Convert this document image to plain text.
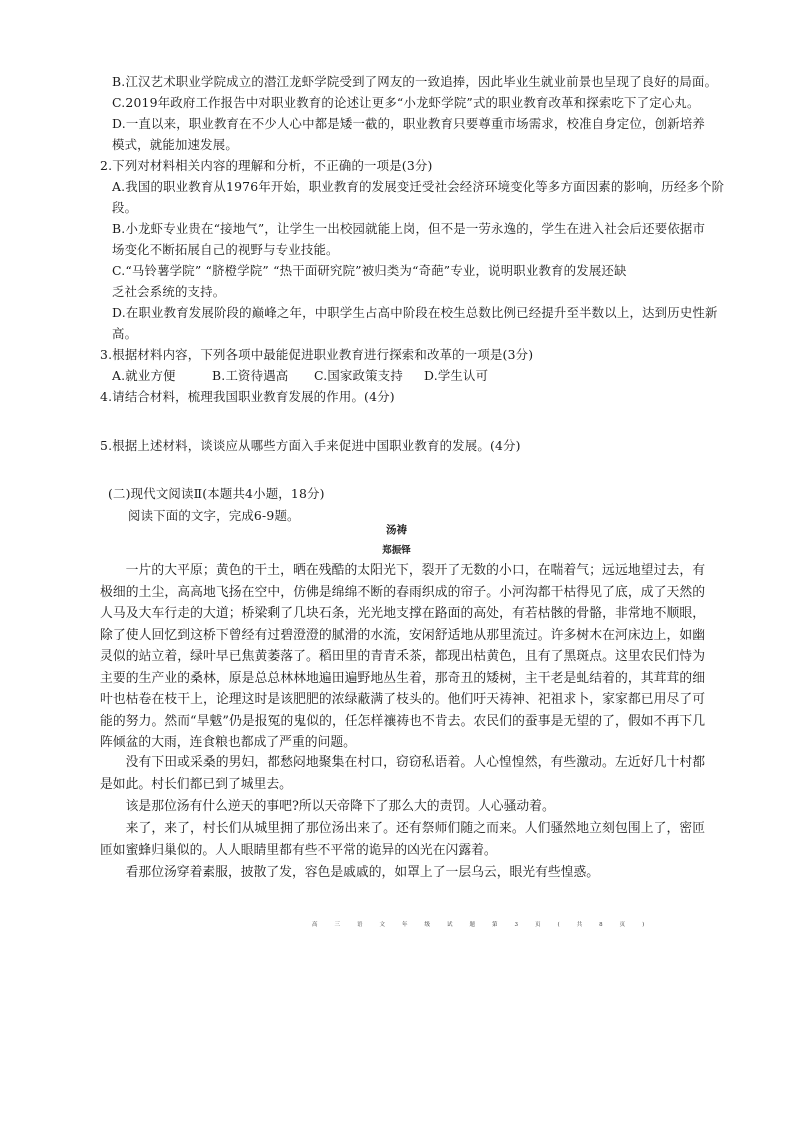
B.江汉艺术职业学院成立的潜江龙虾学院受到了网友的一致追捧，因此毕业生就业前景也呈现了良好的局面。
C.2019年政府工作报告中对职业教育的论述让更多“小龙虾学院”式的职业教育改革和探索吃下了定心丸。
D.一直以来，职业教育在不少人心中都是矮一截的，职业教育只要尊重市场需求，校准自身定位，创新培养
模式，就能加速发展。
2.下列对材料相关内容的理解和分析，不正确的一项是(3分)
A.我国的职业教育从1976年开始，职业教育的发展变迁受社会经济环境变化等多方面因素的影响，历经多个阶
段。
B.小龙虾专业贵在“接地气”，让学生一出校园就能上岗，但不是一劳永逸的，学生在进入社会后还要依据市
场变化不断拓展自己的视野与专业技能。
C.“马铃薯学院” “脐橙学院” “热干面研究院”被归类为“奇葩”专业，说明职业教育的发展还缺
乏社会系统的支持。
D.在职业教育发展阶段的巅峰之年，中职学生占高中阶段在校生总数比例已经提升至半数以上，达到历史性新
高。
3.根据材料内容，下列各项中最能促进职业教育进行探索和改革的一项是(3分)
A.就业方便	B.工资待遇高	C.国家政策支持	D.学生认可
4.请结合材料，梳理我国职业教育发展的作用。(4分)
5.根据上述材料，谈谈应从哪些方面入手来促进中国职业教育的发展。(4分)
(二)现代文阅读Ⅱ(本题共4小题，18分)
阅读下面的文字，完成6-9题。
汤祷
郑振铎
一片的大平原；黄色的干土，晒在残酷的太阳光下，裂开了无数的小口，在喘着气；远远地望过去，有极细的土尘，高高地飞扬在空中，仿佛是绵绵不断的春雨织成的帘子。小河沟都干枯得见了底，成了天然的人马及大车行走的大道；桥梁剩了几块石条，光光地支撑在路面的高处，有若枯骸的骨骼，非常地不顺眼，除了使人回忆到这桥下曾经有过碧澄澄的腻滑的水流，安闲舒适地从那里流过。许多树木在河床边上，如幽灵似的站立着，绿叶早已焦黄萎落了。稻田里的青青禾茶，都现出枯黄色，且有了黑斑点。这里农民们恃为主要的生产业的桑林，原是总总林林地遍田遍野地丛生着，那奇丑的矮树，主干老是虬结着的，其茸茸的细叶也枯卷在枝干上，论理这时是该肥肥的浓绿蔽满了枝头的。他们吁天祷神、祀祖求卜，家家都已用尽了可能的努力。然而“旱魃”仍是报冤的鬼似的，任怎样禳祷也不肯去。农民们的蚕事是无望的了，假如不再下几阵倾盆的大雨，连食粮也都成了严重的问题。
没有下田或采桑的男妇，都愁闷地聚集在村口，窃窃私语着。人心惶惶然，有些激动。左近好几十村都是如此。村长们都已到了城里去。
该是那位汤有什么逆天的事吧?所以天帝降下了那么大的责罚。人心骚动着。
来了，来了，村长们从城里拥了那位汤出来了。还有祭师们随之而来。人们骚然地立刻包围上了，密匝匝如蜜蜂归巢似的。人人眼睛里都有些不平常的诡异的凶光在闪露着。
看那位汤穿着素服，披散了发，容色是戚戚的，如罩上了一层乌云，眼光有些惶惑。
高三语文年级试题第3页(共8页)
